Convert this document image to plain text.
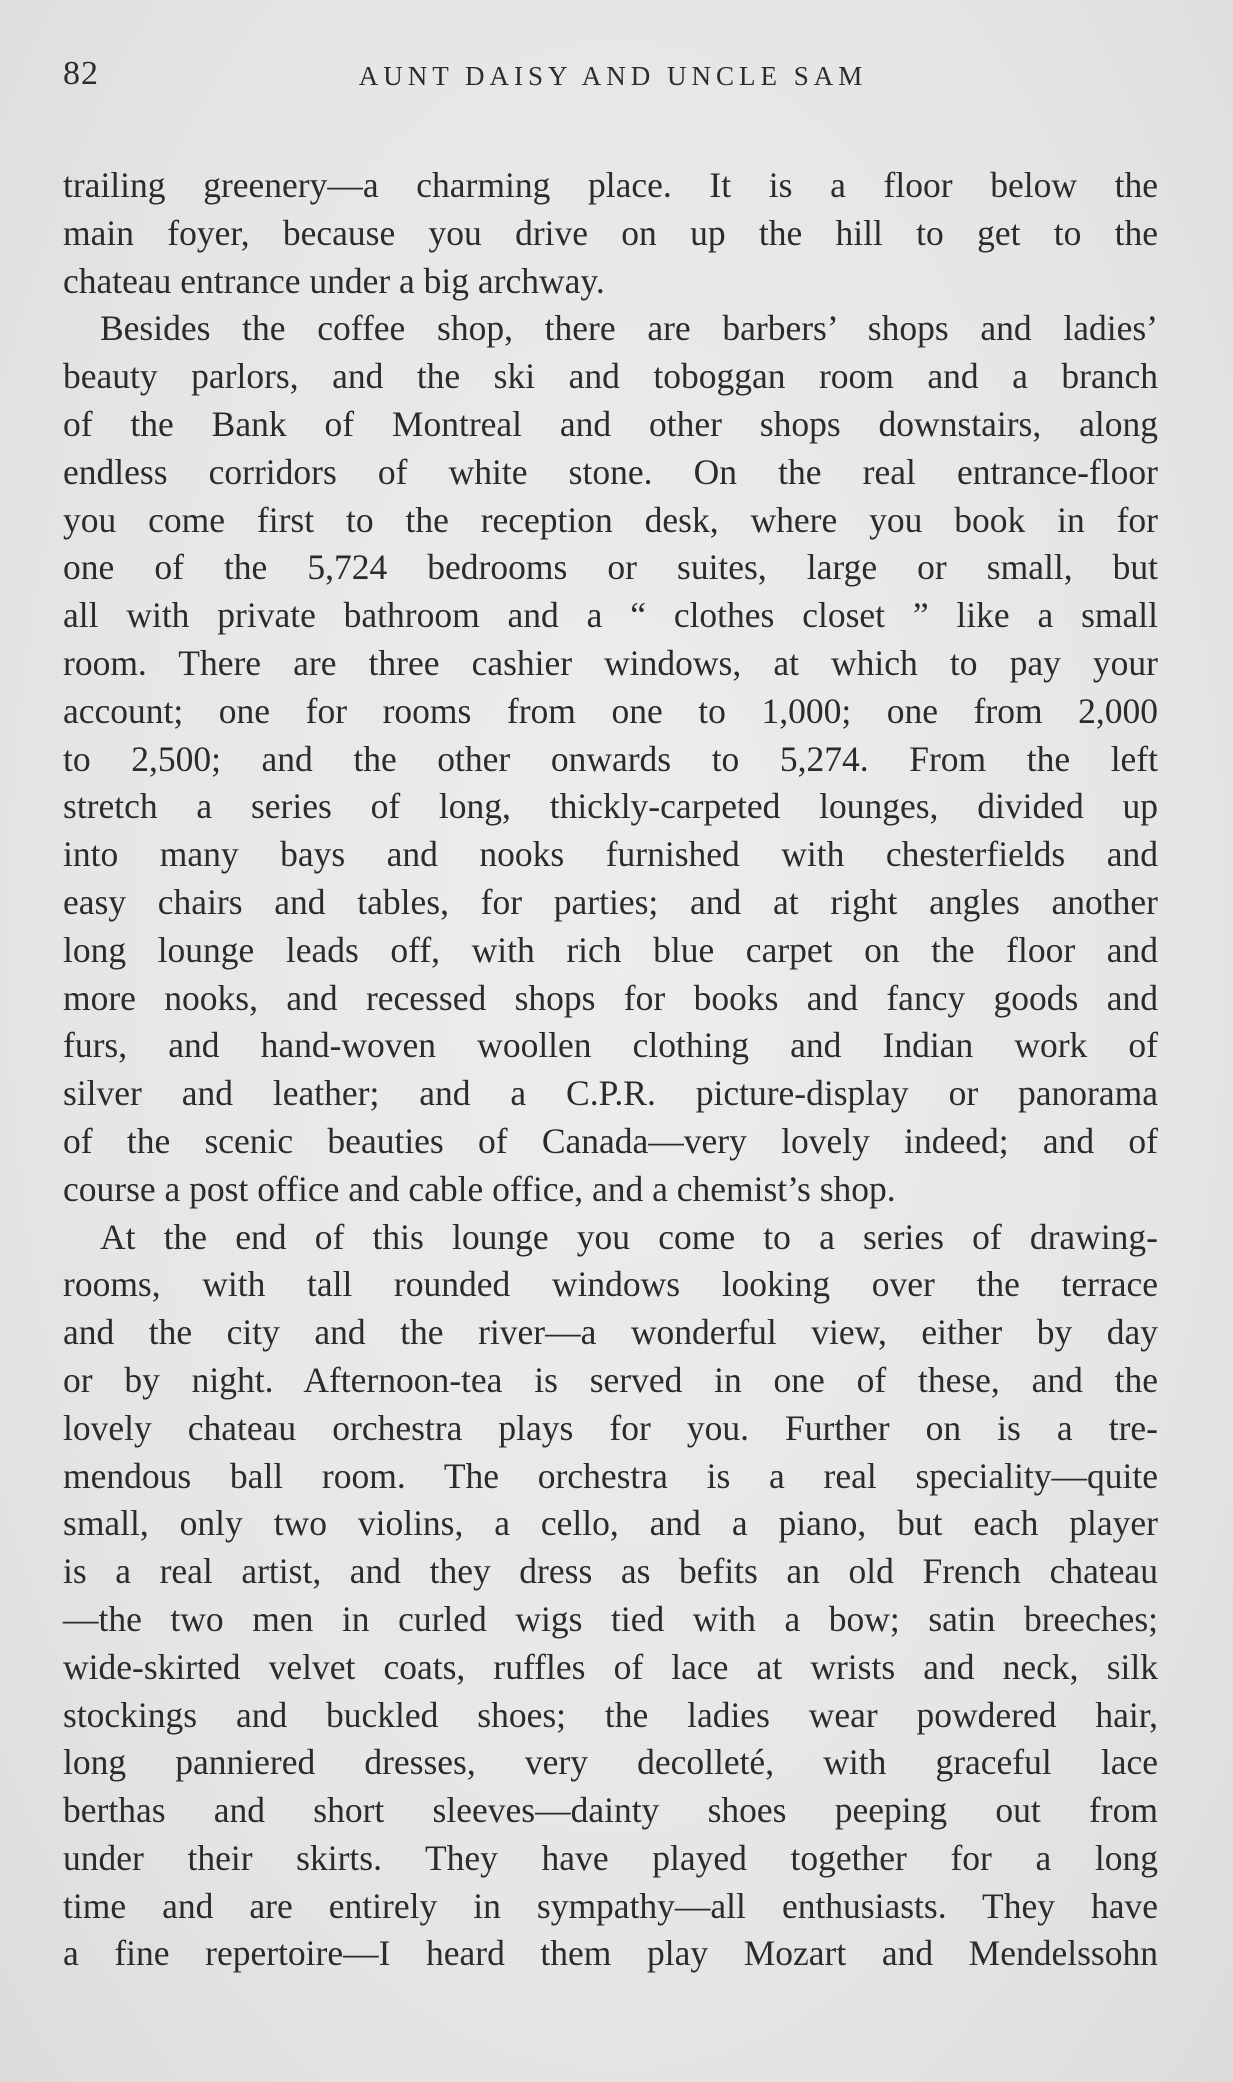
82	AUNT DAISY AND UNCLE SAM

trailing greenery—a charming place. It is a floor below the
main foyer, because you drive on up the hill to get to the
chateau entrance under a big archway.

Besides the coffee shop, there are barbers’ shops and ladies’
beauty parlors, and the ski and toboggan room and a branch
of the Bank of Montreal and other shops downstairs, along
endless corridors of white stone. On the real entrance-floor
you come first to the reception desk, where you book in for
one of the 5,724 bedrooms or suites, large or small, but
all with private bathroom and a “ clothes closet ” like a small
room. There are three cashier windows, at which to pay your
account; one for rooms from one to 1,000; one from 2,000
to 2,500; and the other onwards to 5,274. From the left
stretch a series of long, thickly-carpeted lounges, divided up
into many bays and nooks furnished with chesterfields and
easy chairs and tables, for parties; and at right angles another
long lounge leads off, with rich blue carpet on the floor and
more nooks, and recessed shops for books and fancy goods and
furs, and hand-woven woollen clothing and Indian work of
silver and leather; and a C.P.R. picture-display or panorama
of the scenic beauties of Canada—very lovely indeed; and of
course a post office and cable office, and a chemist’s shop.

At the end of this lounge you come to a series of drawing-
rooms, with tall rounded windows looking over the terrace
and the city and the river—a wonderful view, either by day
or by night. Afternoon-tea is served in one of these, and the
lovely chateau orchestra plays for you. Further on is a tre-
mendous ball room. The orchestra is a real speciality—quite
small, only two violins, a cello, and a piano, but each player
is a real artist, and they dress as befits an old French chateau
—the two men in curled wigs tied with a bow; satin breeches;
wide-skirted velvet coats, ruffles of lace at wrists and neck, silk
stockings and buckled shoes; the ladies wear powdered hair,
long panniered dresses, very decolleté, with graceful lace
berthas and short sleeves—dainty shoes peeping out from
under their skirts. They have played together for a long
time and are entirely in sympathy—all enthusiasts. They have
a fine repertoire—I heard them play Mozart and Mendelssohn
